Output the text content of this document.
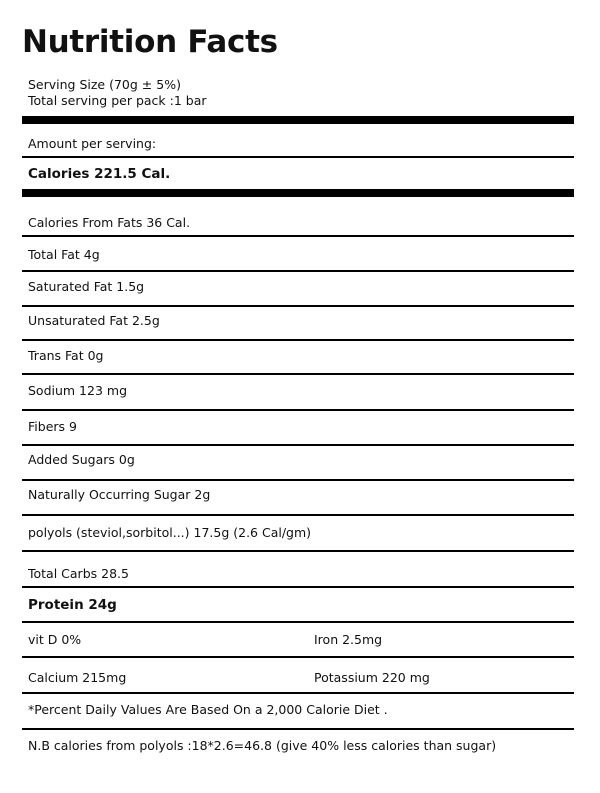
Nutrition Facts
Serving Size (70g ± 5%)
Total serving per pack :1 bar
Amount per serving:
Calories 221.5 Cal.
Calories From Fats 36 Cal.
Total Fat 4g
Saturated Fat 1.5g
Unsaturated Fat 2.5g
Trans Fat 0g
Sodium 123 mg
Fibers 9
Added Sugars 0g
Naturally Occurring Sugar 2g
polyols (steviol,sorbitol...) 17.5g (2.6 Cal/gm)
Total Carbs 28.5
Protein 24g
vit D 0%	Iron 2.5mg
Calcium 215mg	Potassium 220 mg
*Percent Daily Values Are Based On a 2,000 Calorie Diet .
N.B calories from polyols :18*2.6=46.8 (give 40% less calories than sugar)
